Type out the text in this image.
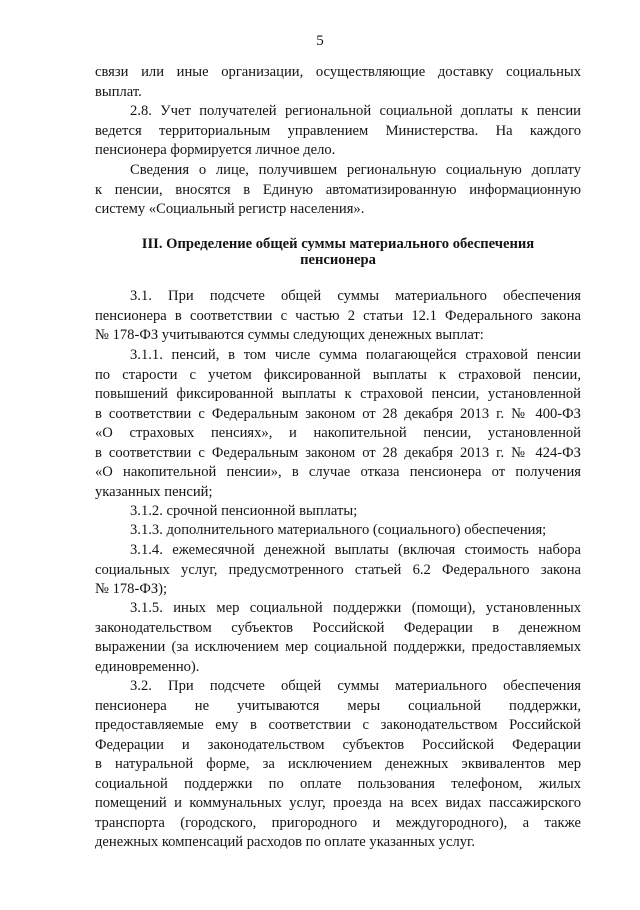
5
связи или иные организации, осуществляющие доставку социальных
выплат.
2.8. Учет получателей региональной социальной доплаты к пенсии
ведется территориальным управлением Министерства. На каждого
пенсионера формируется личное дело.
Сведения о лице, получившем региональную социальную доплату
к пенсии, вносятся в Единую автоматизированную информационную
систему «Социальный регистр населения».
III. Определение общей суммы материального обеспечения
пенсионера
3.1. При подсчете общей суммы материального обеспечения
пенсионера в соответствии с частью 2 статьи 12.1 Федерального закона
№ 178-ФЗ учитываются суммы следующих денежных выплат:
3.1.1. пенсий, в том числе сумма полагающейся страховой пенсии
по старости с учетом фиксированной выплаты к страховой пенсии,
повышений фиксированной выплаты к страховой пенсии, установленной
в соответствии с Федеральным законом от 28 декабря 2013 г. № 400-ФЗ
«О страховых пенсиях», и накопительной пенсии, установленной
в соответствии с Федеральным законом от 28 декабря 2013 г. № 424-ФЗ
«О накопительной пенсии», в случае отказа пенсионера от получения
указанных пенсий;
3.1.2. срочной пенсионной выплаты;
3.1.3. дополнительного материального (социального) обеспечения;
3.1.4. ежемесячной денежной выплаты (включая стоимость набора
социальных услуг, предусмотренного статьей 6.2 Федерального закона
№ 178-ФЗ);
3.1.5. иных мер социальной поддержки (помощи), установленных
законодательством субъектов Российской Федерации в денежном
выражении (за исключением мер социальной поддержки, предоставляемых
единовременно).
3.2. При подсчете общей суммы материального обеспечения
пенсионера не учитываются меры социальной поддержки,
предоставляемые ему в соответствии с законодательством Российской
Федерации и законодательством субъектов Российской Федерации
в натуральной форме, за исключением денежных эквивалентов мер
социальной поддержки по оплате пользования телефоном, жилых
помещений и коммунальных услуг, проезда на всех видах пассажирского
транспорта (городского, пригородного и междугородного), а также
денежных компенсаций расходов по оплате указанных услуг.
